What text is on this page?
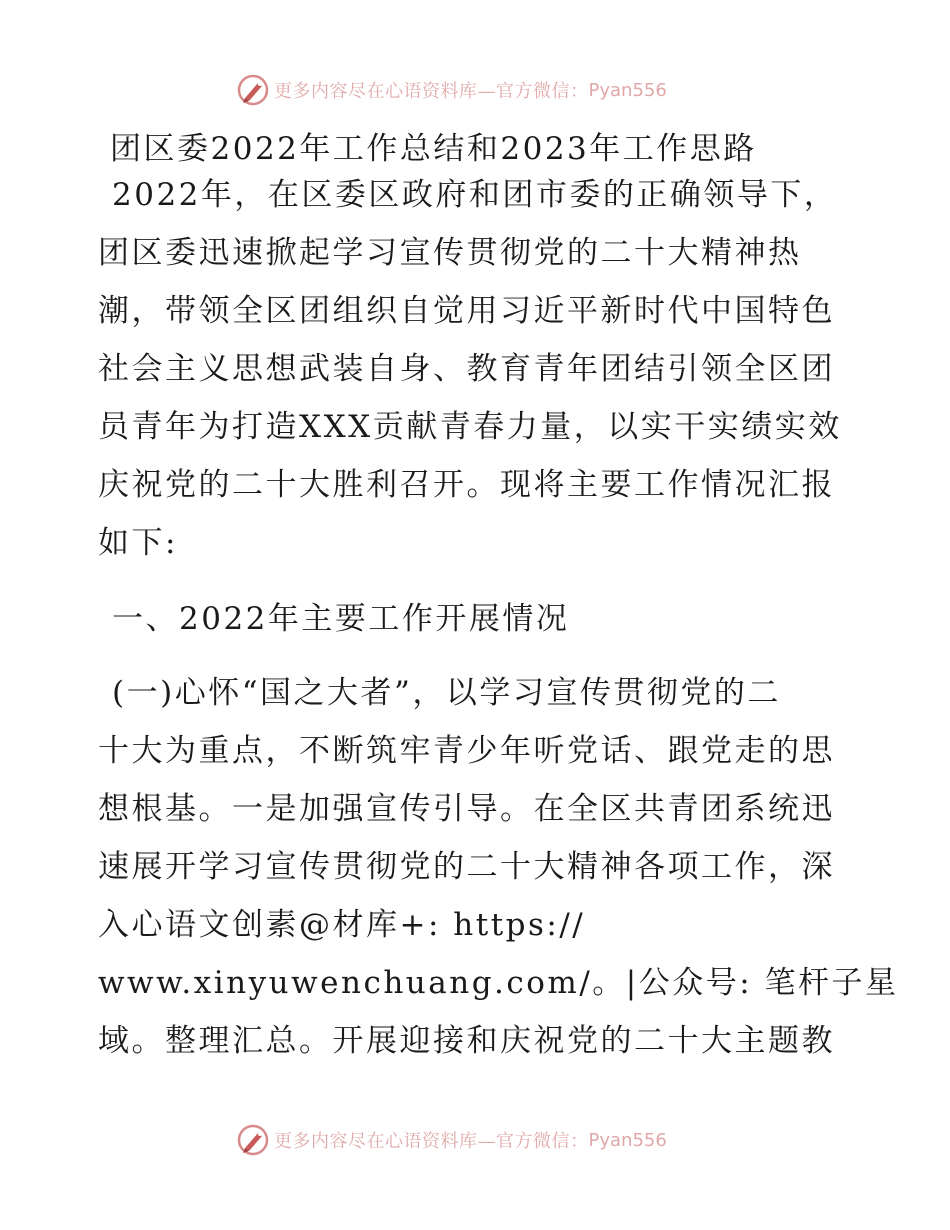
更多内容尽在心语资料库—官方微信： Pyan556
团区委2022年工作总结和2023年工作思路
2022年，在区委区政府和团市委的正确领导下，
团区委迅速掀起学习宣传贯彻党的二十大精神热
潮，带领全区团组织自觉用习近平新时代中国特色
社会主义思想武装自身、教育青年团结引领全区团
员青年为打造XXX贡献青春力量，以实干实绩实效
庆祝党的二十大胜利召开。现将主要工作情况汇报
如下:
一、2022年主要工作开展情况
(一)心怀“国之大者”，以学习宣传贯彻党的二
十大为重点，不断筑牢青少年听党话、跟党走的思
想根基。一是加强宣传引导。在全区共青团系统迅
速展开学习宣传贯彻党的二十大精神各项工作，深
入心语文创素@材库+: https://
www.xinyuwenchuang.com/。|公众号: 笔杆子星
域。整理汇总。开展迎接和庆祝党的二十大主题教
更多内容尽在心语资料库—官方微信： Pyan556
